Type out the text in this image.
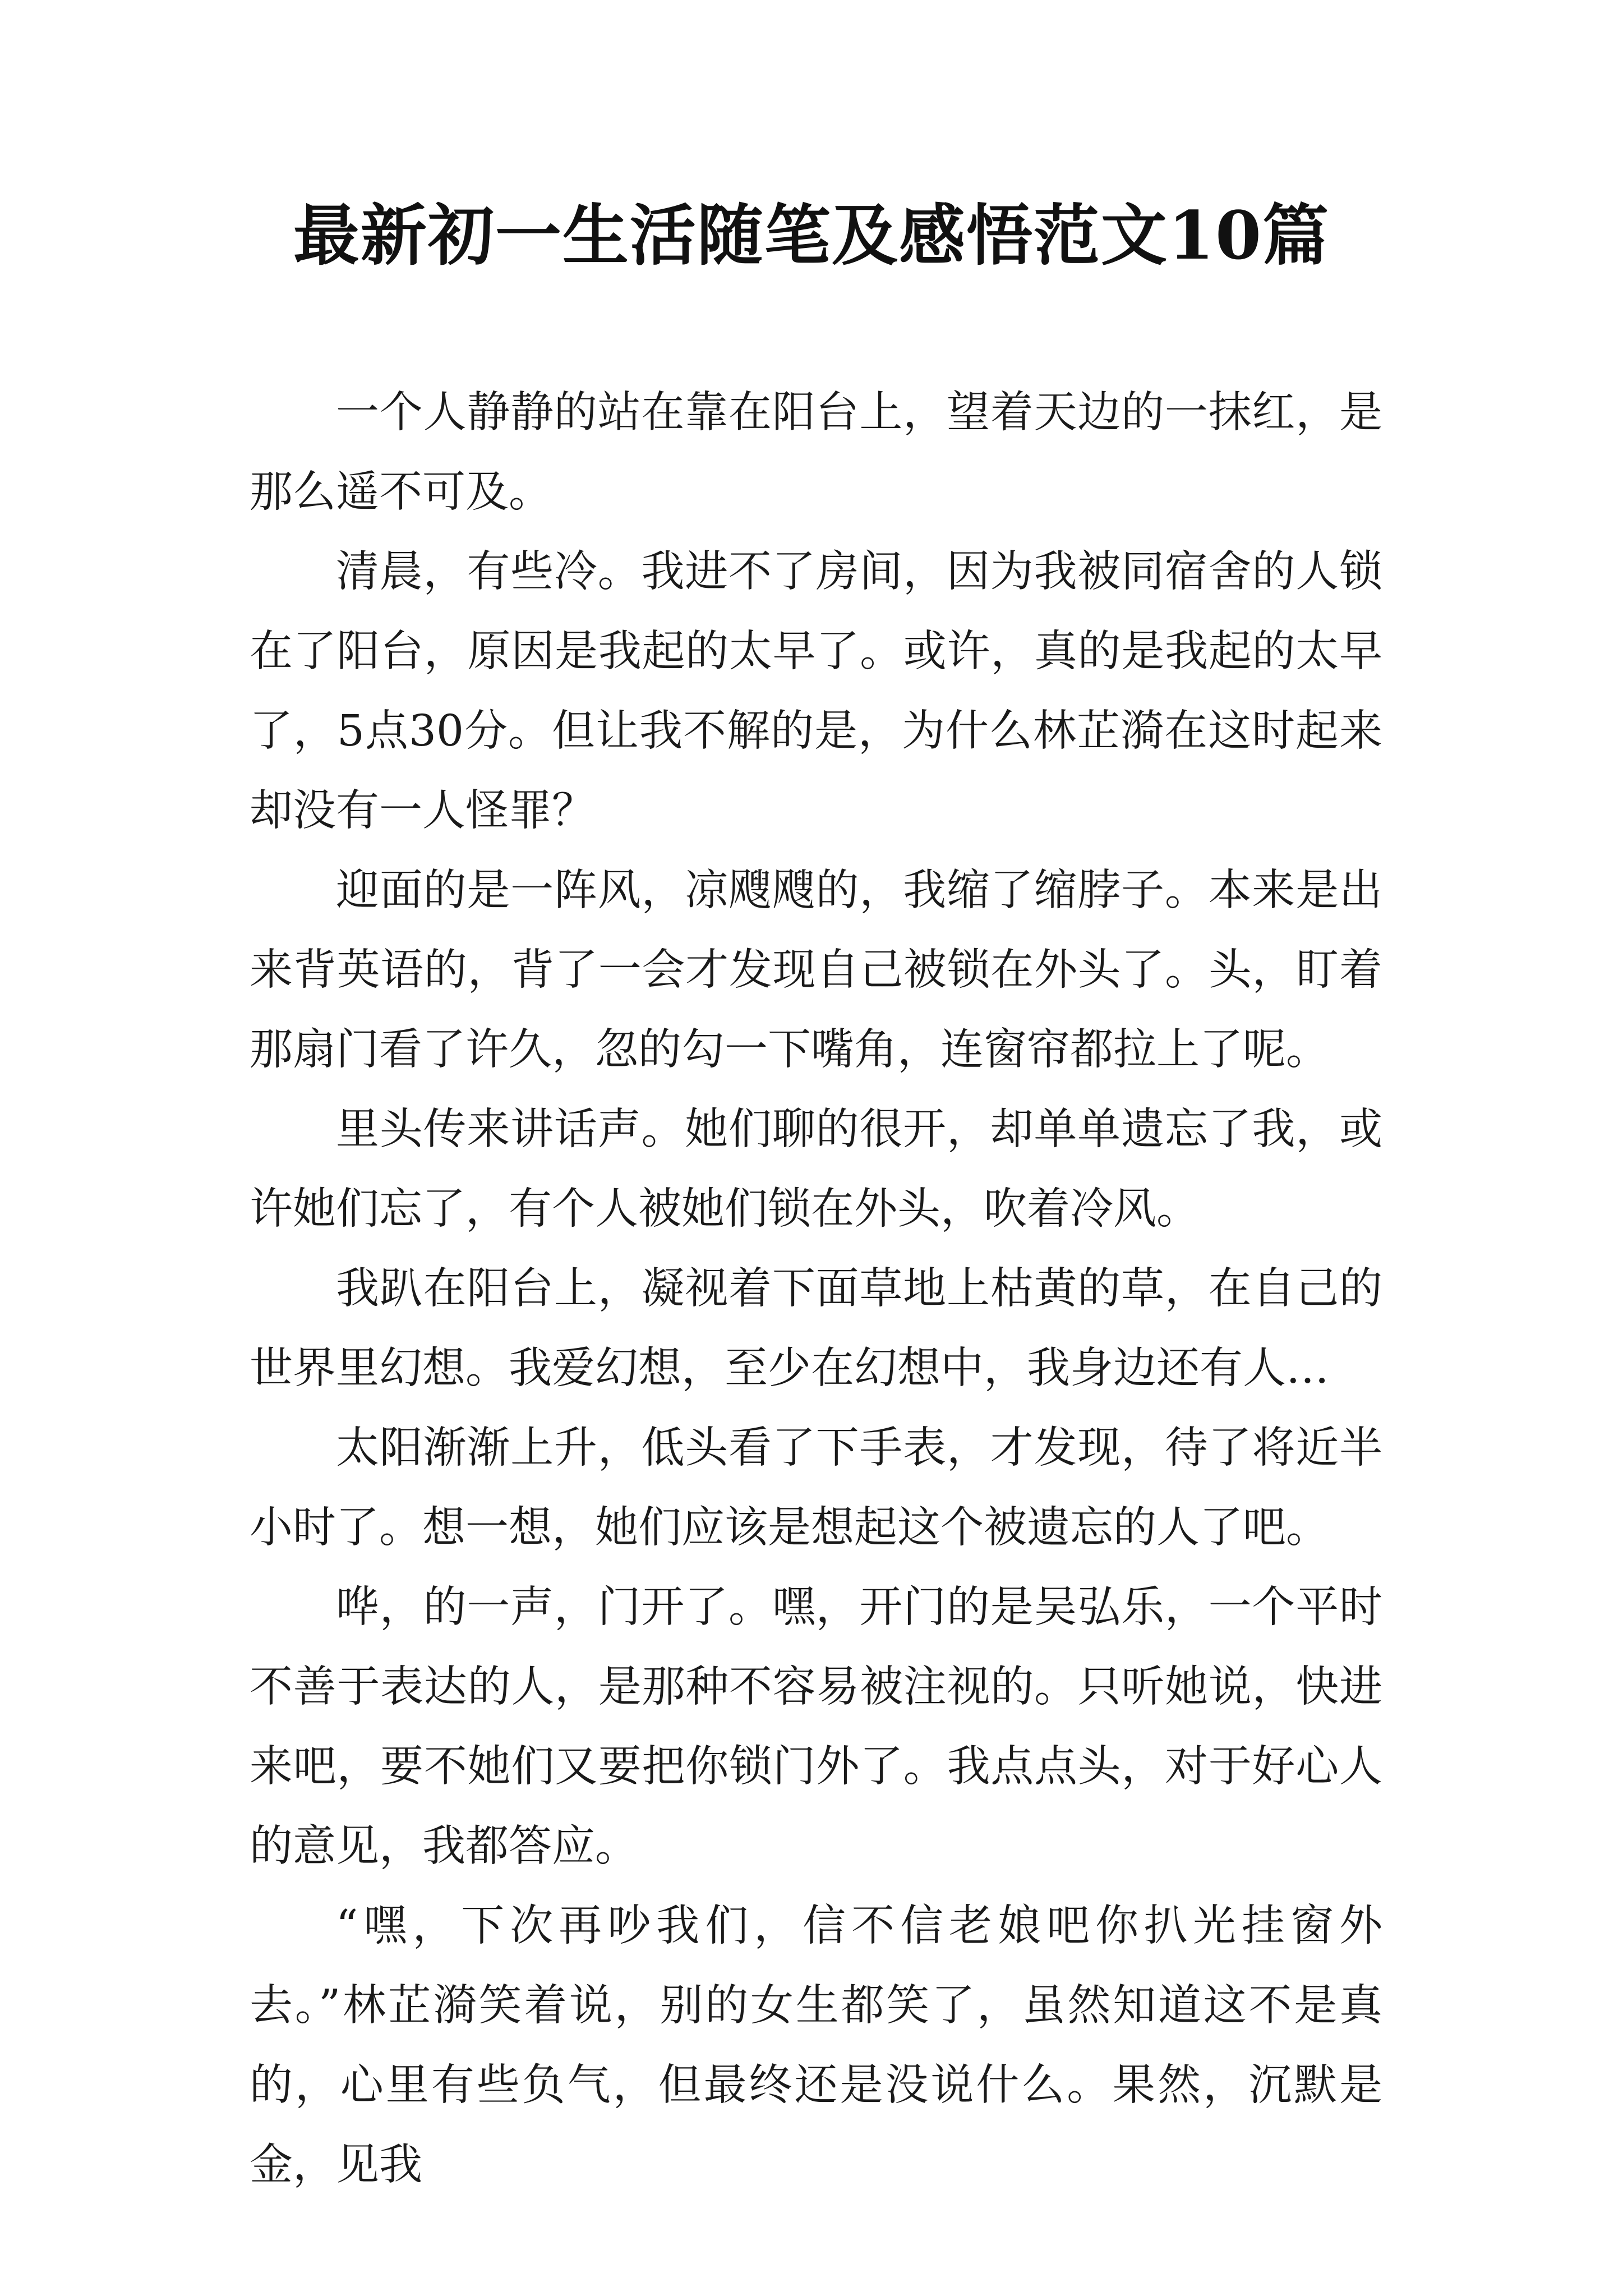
最新初一生活随笔及感悟范文10篇

一个人静静的站在靠在阳台上，望着天边的一抹红，是那么遥不可及。

清晨，有些冷。我进不了房间，因为我被同宿舍的人锁在了阳台，原因是我起的太早了。或许，真的是我起的太早了，5点30分。但让我不解的是，为什么林芷漪在这时起来却没有一人怪罪？

迎面的是一阵风，凉飕飕的，我缩了缩脖子。本来是出来背英语的，背了一会才发现自己被锁在外头了。头，盯着那扇门看了许久，忽的勾一下嘴角，连窗帘都拉上了呢。

里头传来讲话声。她们聊的很开，却单单遗忘了我，或许她们忘了，有个人被她们锁在外头，吹着冷风。

我趴在阳台上，凝视着下面草地上枯黄的草，在自己的世界里幻想。我爱幻想，至少在幻想中，我身边还有人…

太阳渐渐上升，低头看了下手表，才发现，待了将近半小时了。想一想，她们应该是想起这个被遗忘的人了吧。

哗，的一声，门开了。嘿，开门的是吴弘乐，一个平时不善于表达的人，是那种不容易被注视的。只听她说，快进来吧，要不她们又要把你锁门外了。我点点头，对于好心人的意见，我都答应。

“嘿，下次再吵我们，信不信老娘吧你扒光挂窗外去。”林芷漪笑着说，别的女生都笑了，虽然知道这不是真的，心里有些负气，但最终还是没说什么。果然，沉默是金，见我
